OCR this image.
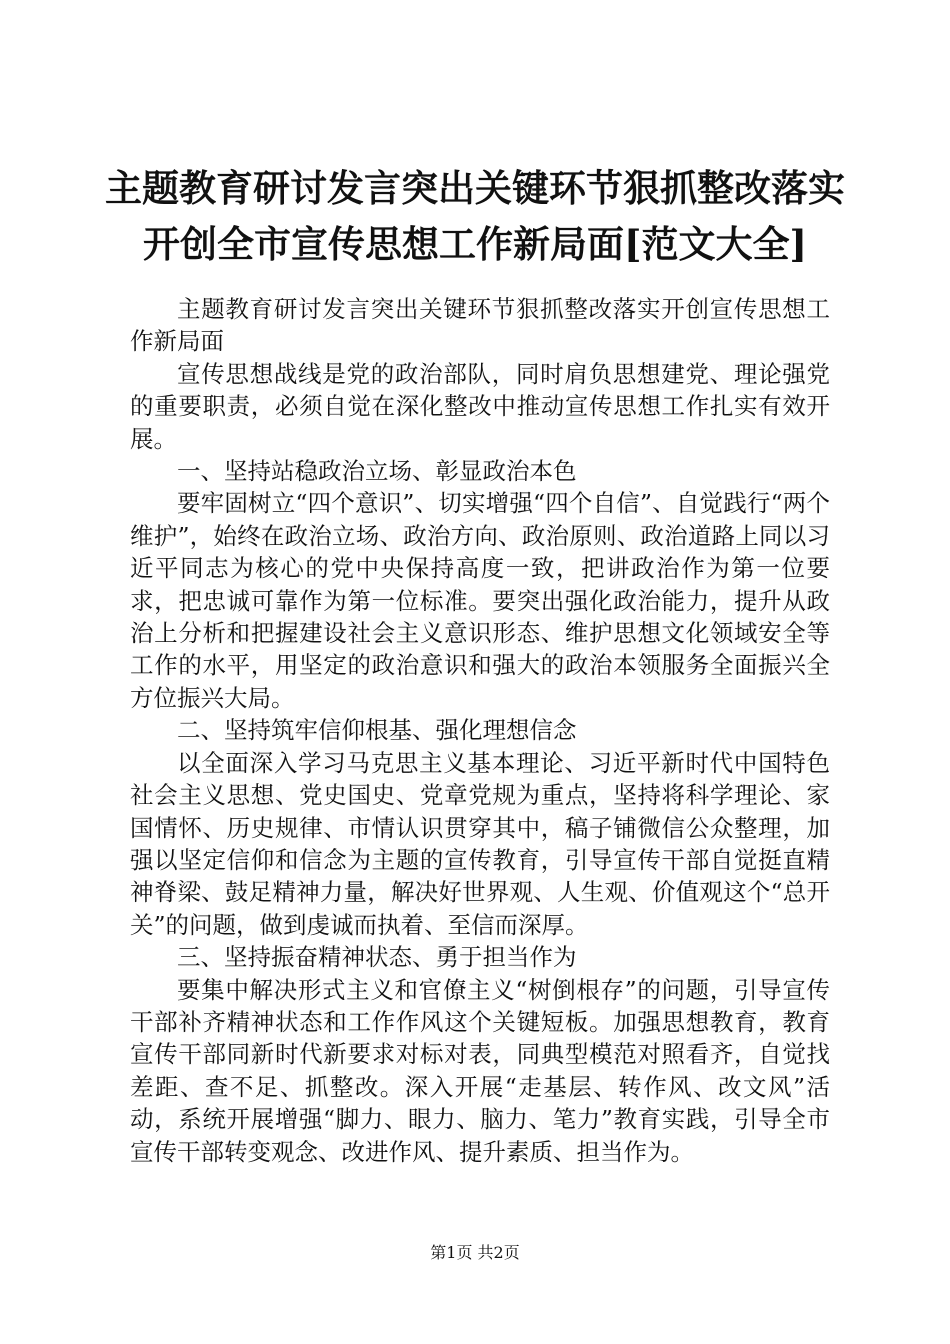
主题教育研讨发言突出关键环节狠抓整改落实
开创全市宣传思想工作新局面[范文大全]

主题教育研讨发言突出关键环节狠抓整改落实开创宣传思想工作新局面

宣传思想战线是党的政治部队，同时肩负思想建党、理论强党的重要职责，必须自觉在深化整改中推动宣传思想工作扎实有效开展。

一、坚持站稳政治立场、彰显政治本色

要牢固树立“四个意识”、切实增强“四个自信”、自觉践行“两个维护”，始终在政治立场、政治方向、政治原则、政治道路上同以习近平同志为核心的党中央保持高度一致，把讲政治作为第一位要求，把忠诚可靠作为第一位标准。要突出强化政治能力，提升从政治上分析和把握建设社会主义意识形态、维护思想文化领域安全等工作的水平，用坚定的政治意识和强大的政治本领服务全面振兴全方位振兴大局。

二、坚持筑牢信仰根基、强化理想信念

以全面深入学习马克思主义基本理论、习近平新时代中国特色社会主义思想、党史国史、党章党规为重点，坚持将科学理论、家国情怀、历史规律、市情认识贯穿其中，稿子铺微信公众整理，加强以坚定信仰和信念为主题的宣传教育，引导宣传干部自觉挺直精神脊梁、鼓足精神力量，解决好世界观、人生观、价值观这个“总开关”的问题，做到虔诚而执着、至信而深厚。

三、坚持振奋精神状态、勇于担当作为

要集中解决形式主义和官僚主义“树倒根存”的问题，引导宣传干部补齐精神状态和工作作风这个关键短板。加强思想教育，教育宣传干部同新时代新要求对标对表，同典型模范对照看齐，自觉找差距、查不足、抓整改。深入开展“走基层、转作风、改文风”活动，系统开展增强“脚力、眼力、脑力、笔力”教育实践，引导全市宣传干部转变观念、改进作风、提升素质、担当作为。

第1页 共2页
